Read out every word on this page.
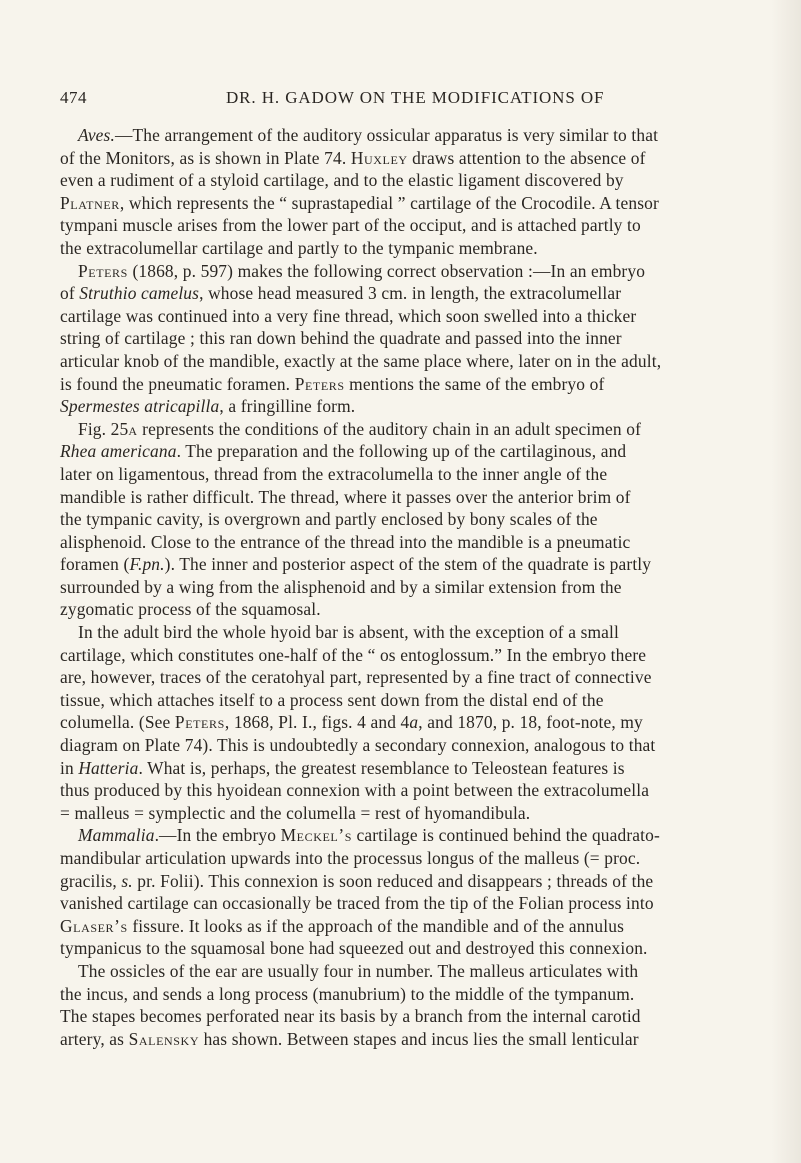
474	DR. H. GADOW ON THE MODIFICATIONS OF
Aves.—The arrangement of the auditory ossicular apparatus is very similar to that
of the Monitors, as is shown in Plate 74. Huxley draws attention to the absence of
even a rudiment of a styloid cartilage, and to the elastic ligament discovered by
Platner, which represents the “ suprastapedial ” cartilage of the Crocodile. A tensor
tympani muscle arises from the lower part of the occiput, and is attached partly to
the extracolumellar cartilage and partly to the tympanic membrane.
Peters (1868, p. 597) makes the following correct observation :—In an embryo
of Struthio camelus, whose head measured 3 cm. in length, the extracolumellar
cartilage was continued into a very fine thread, which soon swelled into a thicker
string of cartilage ; this ran down behind the quadrate and passed into the inner
articular knob of the mandible, exactly at the same place where, later on in the adult,
is found the pneumatic foramen. Peters mentions the same of the embryo of
Spermestes atricapilla, a fringilline form.
Fig. 25a represents the conditions of the auditory chain in an adult specimen of
Rhea americana. The preparation and the following up of the cartilaginous, and
later on ligamentous, thread from the extracolumella to the inner angle of the
mandible is rather difficult. The thread, where it passes over the anterior brim of
the tympanic cavity, is overgrown and partly enclosed by bony scales of the
alisphenoid. Close to the entrance of the thread into the mandible is a pneumatic
foramen (F.pn.). The inner and posterior aspect of the stem of the quadrate is partly
surrounded by a wing from the alisphenoid and by a similar extension from the
zygomatic process of the squamosal.
In the adult bird the whole hyoid bar is absent, with the exception of a small
cartilage, which constitutes one-half of the “ os entoglossum.” In the embryo there
are, however, traces of the ceratohyal part, represented by a fine tract of connective
tissue, which attaches itself to a process sent down from the distal end of the
columella. (See Peters, 1868, Pl. I., figs. 4 and 4a, and 1870, p. 18, foot-note, my
diagram on Plate 74). This is undoubtedly a secondary connexion, analogous to that
in Hatteria. What is, perhaps, the greatest resemblance to Teleostean features is
thus produced by this hyoidean connexion with a point between the extracolumella
= malleus = symplectic and the columella = rest of hyomandibula.
Mammalia.—In the embryo Meckel’s cartilage is continued behind the quadrato-
mandibular articulation upwards into the processus longus of the malleus (= proc.
gracilis, s. pr. Folii). This connexion is soon reduced and disappears ; threads of the
vanished cartilage can occasionally be traced from the tip of the Folian process into
Glaser’s fissure. It looks as if the approach of the mandible and of the annulus
tympanicus to the squamosal bone had squeezed out and destroyed this connexion.
The ossicles of the ear are usually four in number. The malleus articulates with
the incus, and sends a long process (manubrium) to the middle of the tympanum.
The stapes becomes perforated near its basis by a branch from the internal carotid
artery, as Salensky has shown. Between stapes and incus lies the small lenticular
